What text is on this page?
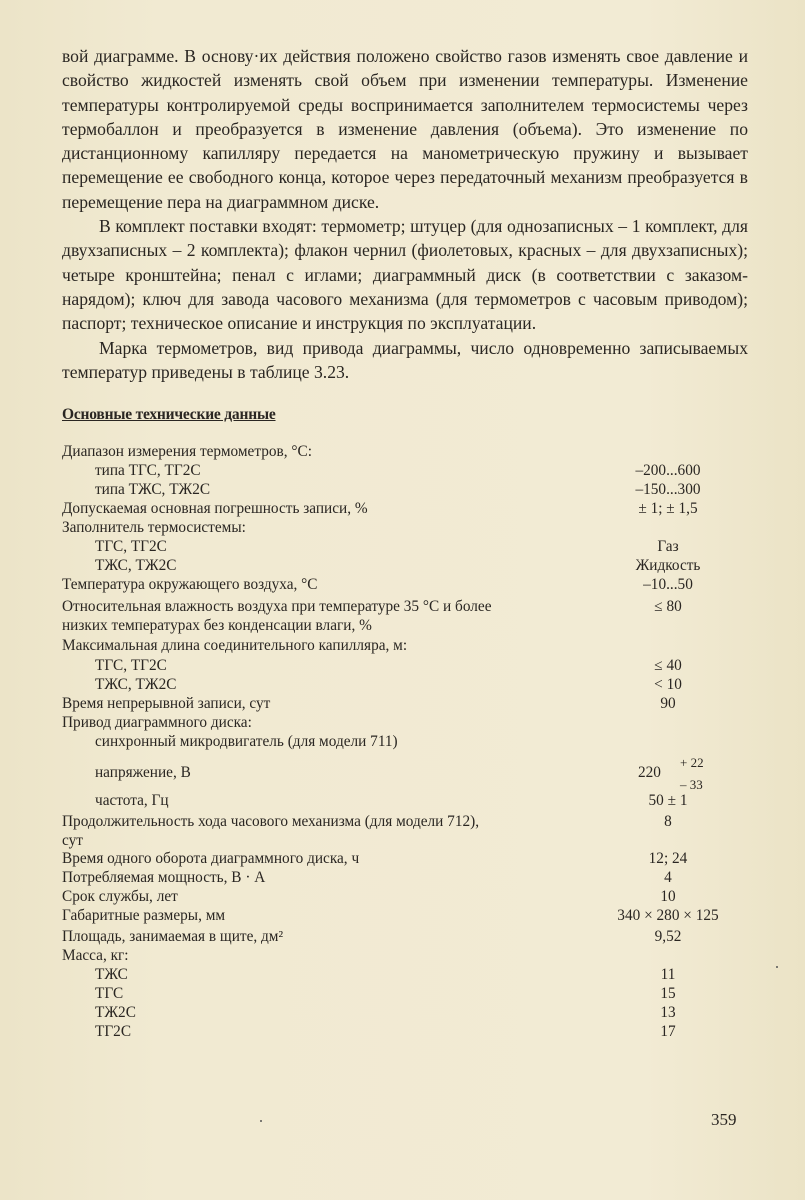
вой диаграмме. В основу·их действия положено свойство газов изменять свое давление и свойство жидкостей изменять свой объем при изменении температуры. Изменение температуры контролируемой среды воспринимается заполнителем термосистемы через термобаллон и преобразуется в изменение давления (объема). Это изменение по дистанционному капилляру передается на манометрическую пружину и вызывает перемещение ее свободного конца, которое через передаточный механизм преобразуется в перемещение пера на диаграммном диске.

В комплект поставки входят: термометр; штуцер (для однозаписных – 1 комплект, для двухзаписных – 2 комплекта); флакон чернил (фиолетовых, красных – для двухзаписных); четыре кронштейна; пенал с иглами; диаграммный диск (в соответствии с заказом-нарядом); ключ для завода часового механизма (для термометров с часовым приводом); паспорт; техническое описание и инструкция по эксплуатации.

Марка термометров, вид привода диаграммы, число одновременно записываемых температур приведены в таблице 3.23.

Основные технические данные
Диапазон измерения термометров, °С:
типа ТГС, ТГ2С	–200...600
типа ТЖС, ТЖ2С	–150...300
Допускаемая основная погрешность записи, %	± 1; ± 1,5
Заполнитель термосистемы:
ТГС, ТГ2С	Газ
ТЖС, ТЖ2С	Жидкость
Температура окружающего воздуха, °С	–10...50
Относительная влажность воздуха при температуре 35 °С и более	≤ 80
низких температурах без конденсации влаги, %
Максимальная длина соединительного капилляра, м:
ТГС, ТГ2С	≤ 40
ТЖС, ТЖ2С	< 10
Время непрерывной записи, сут	90
Привод диаграммного диска:
синхронный микродвигатель (для модели 711)
напряжение, В	220
+ 22
– 33
частота, Гц	50 ± 1
Продолжительность хода часового механизма (для модели 712),	8
сут
Время одного оборота диаграммного диска, ч	12; 24
Потребляемая мощность, В · А	4
Срок службы, лет	10
Габаритные размеры, мм	340 × 280 × 125
Площадь, занимаемая в щите, дм²	9,52
Масса, кг:
ТЖС	11
ТГС	15
ТЖ2С	13
ТГ2С	17
359
